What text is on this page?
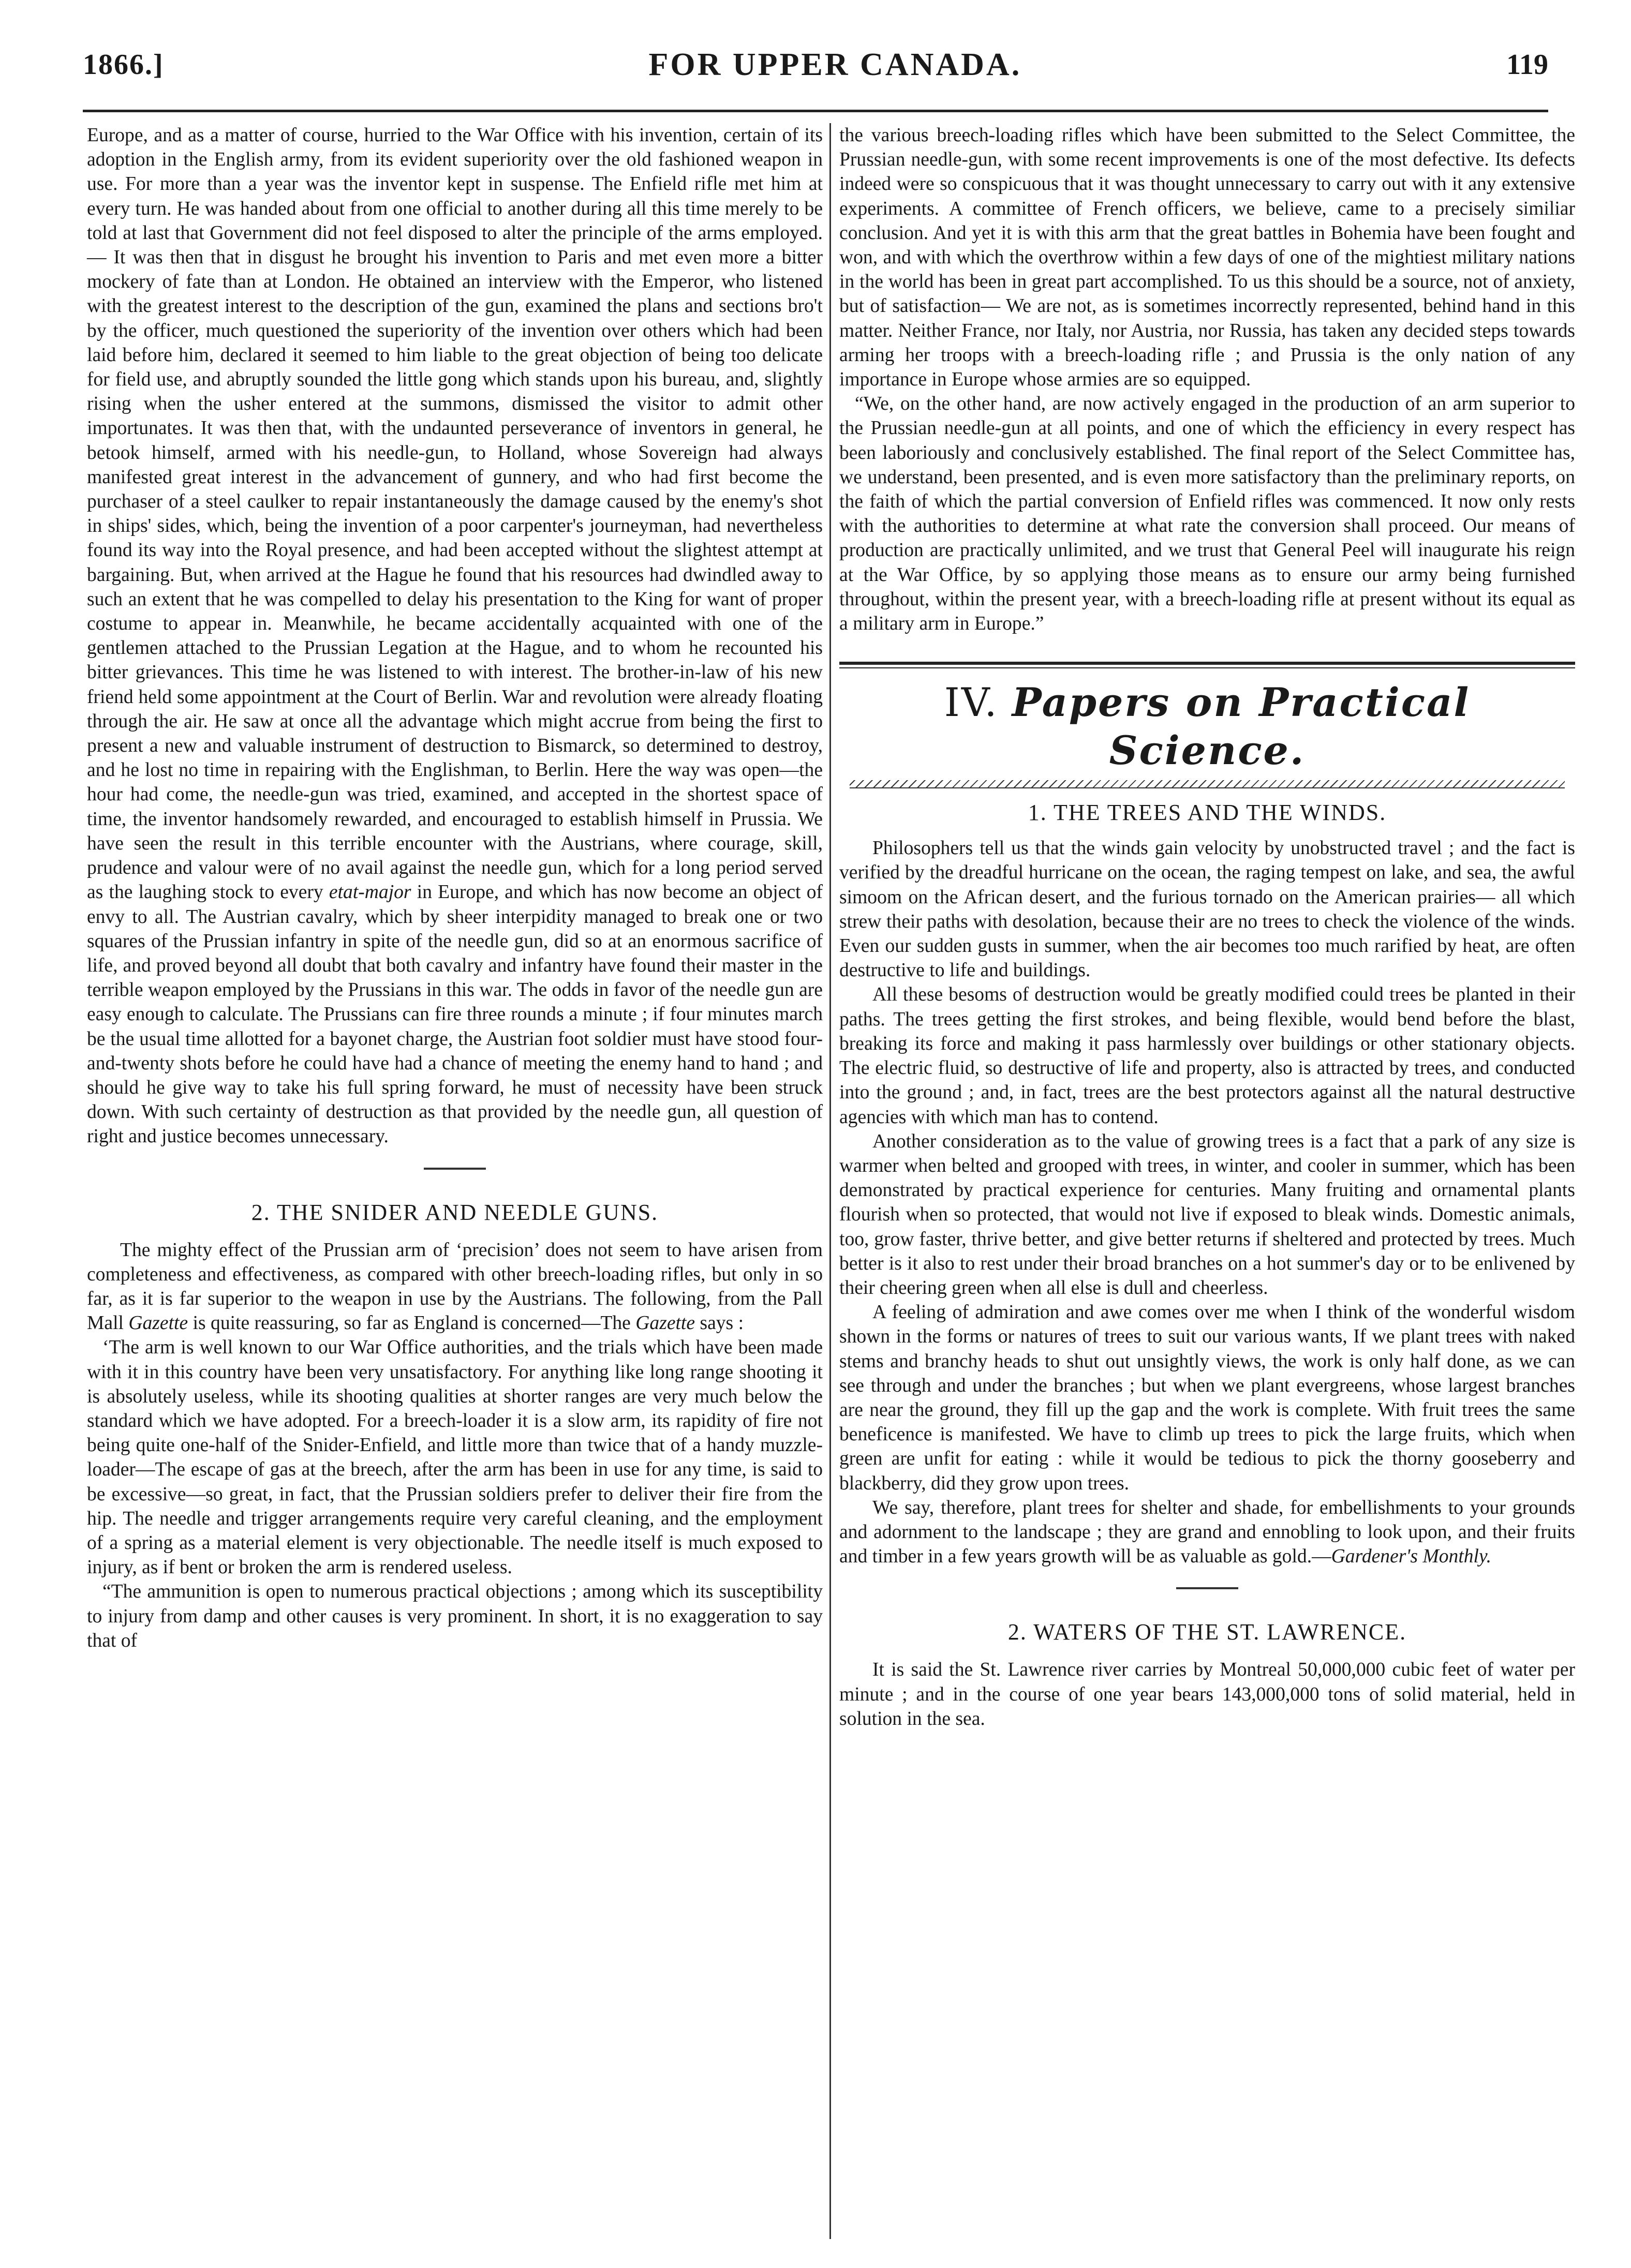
1866.]	FOR UPPER CANADA.	119

Europe, and as a matter of course, hurried to the War Office with his invention, certain of its adoption in the English army, from its evident superiority over the old fashioned weapon in use. For more than a year was the inventor kept in suspense. The Enfield rifle met him at every turn. He was handed about from one official to another during all this time merely to be told at last that Government did not feel disposed to alter the principle of the arms employed.— It was then that in disgust he brought his invention to Paris and met even more a bitter mockery of fate than at London. He obtained an interview with the Emperor, who listened with the greatest interest to the description of the gun, examined the plans and sections bro't by the officer, much questioned the superiority of the invention over others which had been laid before him, declared it seemed to him liable to the great objection of being too delicate for field use, and abruptly sounded the little gong which stands upon his bureau, and, slightly rising when the usher entered at the summons, dismissed the visitor to admit other importunates. It was then that, with the undaunted perseverance of inventors in general, he betook himself, armed with his needle-gun, to Holland, whose Sovereign had always manifested great interest in the advancement of gunnery, and who had first become the purchaser of a steel caulker to repair instantaneously the damage caused by the enemy's shot in ships' sides, which, being the invention of a poor carpenter's journeyman, had nevertheless found its way into the Royal presence, and had been accepted without the slightest attempt at bargaining. But, when arrived at the Hague he found that his resources had dwindled away to such an extent that he was compelled to delay his presentation to the King for want of proper costume to appear in. Meanwhile, he became accidentally acquainted with one of the gentlemen attached to the Prussian Legation at the Hague, and to whom he recounted his bitter grievances. This time he was listened to with interest. The brother-in-law of his new friend held some appointment at the Court of Berlin. War and revolution were already floating through the air. He saw at once all the advantage which might accrue from being the first to present a new and valuable instrument of destruction to Bismarck, so determined to destroy, and he lost no time in repairing with the Englishman, to Berlin. Here the way was open—the hour had come, the needle-gun was tried, examined, and accepted in the shortest space of time, the inventor handsomely rewarded, and encouraged to establish himself in Prussia. We have seen the result in this terrible encounter with the Austrians, where courage, skill, prudence and valour were of no avail against the needle gun, which for a long period served as the laughing stock to every etat-major in Europe, and which has now become an object of envy to all. The Austrian cavalry, which by sheer interpidity managed to break one or two squares of the Prussian infantry in spite of the needle gun, did so at an enormous sacrifice of life, and proved beyond all doubt that both cavalry and infantry have found their master in the terrible weapon employed by the Prussians in this war. The odds in favor of the needle gun are easy enough to calculate. The Prussians can fire three rounds a minute ; if four minutes march be the usual time allotted for a bayonet charge, the Austrian foot soldier must have stood four-and-twenty shots before he could have had a chance of meeting the enemy hand to hand ; and should he give way to take his full spring forward, he must of necessity have been struck down. With such certainty of destruction as that provided by the needle gun, all question of right and justice becomes unnecessary.

2. THE SNIDER AND NEEDLE GUNS.

The mighty effect of the Prussian arm of ‘precision’ does not seem to have arisen from completeness and effectiveness, as compared with other breech-loading rifles, but only in so far, as it is far superior to the weapon in use by the Austrians. The following, from the Pall Mall Gazette is quite reassuring, so far as England is concerned—The Gazette says :

‘The arm is well known to our War Office authorities, and the trials which have been made with it in this country have been very unsatisfactory. For anything like long range shooting it is absolutely useless, while its shooting qualities at shorter ranges are very much below the standard which we have adopted. For a breech-loader it is a slow arm, its rapidity of fire not being quite one-half of the Snider-Enfield, and little more than twice that of a handy muzzle-loader—The escape of gas at the breech, after the arm has been in use for any time, is said to be excessive—so great, in fact, that the Prussian soldiers prefer to deliver their fire from the hip. The needle and trigger arrangements require very careful cleaning, and the employment of a spring as a material element is very objectionable. The needle itself is much exposed to injury, as if bent or broken the arm is rendered useless.

“The ammunition is open to numerous practical objections ; among which its susceptibility to injury from damp and other causes is very prominent. In short, it is no exaggeration to say that of

the various breech-loading rifles which have been submitted to the Select Committee, the Prussian needle-gun, with some recent improvements is one of the most defective. Its defects indeed were so conspicuous that it was thought unnecessary to carry out with it any extensive experiments. A committee of French officers, we believe, came to a precisely similiar conclusion. And yet it is with this arm that the great battles in Bohemia have been fought and won, and with which the overthrow within a few days of one of the mightiest military nations in the world has been in great part accomplished. To us this should be a source, not of anxiety, but of satisfaction— We are not, as is sometimes incorrectly represented, behind hand in this matter. Neither France, nor Italy, nor Austria, nor Russia, has taken any decided steps towards arming her troops with a breech-loading rifle ; and Prussia is the only nation of any importance in Europe whose armies are so equipped.

“We, on the other hand, are now actively engaged in the production of an arm superior to the Prussian needle-gun at all points, and one of which the efficiency in every respect has been laboriously and conclusively established. The final report of the Select Committee has, we understand, been presented, and is even more satisfactory than the preliminary reports, on the faith of which the partial conversion of Enfield rifles was commenced. It now only rests with the authorities to determine at what rate the conversion shall proceed. Our means of production are practically unlimited, and we trust that General Peel will inaugurate his reign at the War Office, by so applying those means as to ensure our army being furnished throughout, within the present year, with a breech-loading rifle at present without its equal as a military arm in Europe.”

IV. Papers on Practical Science.
1. THE TREES AND THE WINDS.

Philosophers tell us that the winds gain velocity by unobstructed travel ; and the fact is verified by the dreadful hurricane on the ocean, the raging tempest on lake, and sea, the awful simoom on the African desert, and the furious tornado on the American prairies— all which strew their paths with desolation, because their are no trees to check the violence of the winds. Even our sudden gusts in summer, when the air becomes too much rarified by heat, are often destructive to life and buildings.

All these besoms of destruction would be greatly modified could trees be planted in their paths. The trees getting the first strokes, and being flexible, would bend before the blast, breaking its force and making it pass harmlessly over buildings or other stationary objects. The electric fluid, so destructive of life and property, also is attracted by trees, and conducted into the ground ; and, in fact, trees are the best protectors against all the natural destructive agencies with which man has to contend.

Another consideration as to the value of growing trees is a fact that a park of any size is warmer when belted and grooped with trees, in winter, and cooler in summer, which has been demonstrated by practical experience for centuries. Many fruiting and ornamental plants flourish when so protected, that would not live if exposed to bleak winds. Domestic animals, too, grow faster, thrive better, and give better returns if sheltered and protected by trees. Much better is it also to rest under their broad branches on a hot summer's day or to be enlivened by their cheering green when all else is dull and cheerless.

A feeling of admiration and awe comes over me when I think of the wonderful wisdom shown in the forms or natures of trees to suit our various wants, If we plant trees with naked stems and branchy heads to shut out unsightly views, the work is only half done, as we can see through and under the branches ; but when we plant evergreens, whose largest branches are near the ground, they fill up the gap and the work is complete. With fruit trees the same beneficence is manifested. We have to climb up trees to pick the large fruits, which when green are unfit for eating : while it would be tedious to pick the thorny gooseberry and blackberry, did they grow upon trees.

We say, therefore, plant trees for shelter and shade, for embellishments to your grounds and adornment to the landscape ; they are grand and ennobling to look upon, and their fruits and timber in a few years growth will be as valuable as gold.—Gardener's Monthly.

2. WATERS OF THE ST. LAWRENCE.

It is said the St. Lawrence river carries by Montreal 50,000,000 cubic feet of water per minute ; and in the course of one year bears 143,000,000 tons of solid material, held in solution in the sea.
